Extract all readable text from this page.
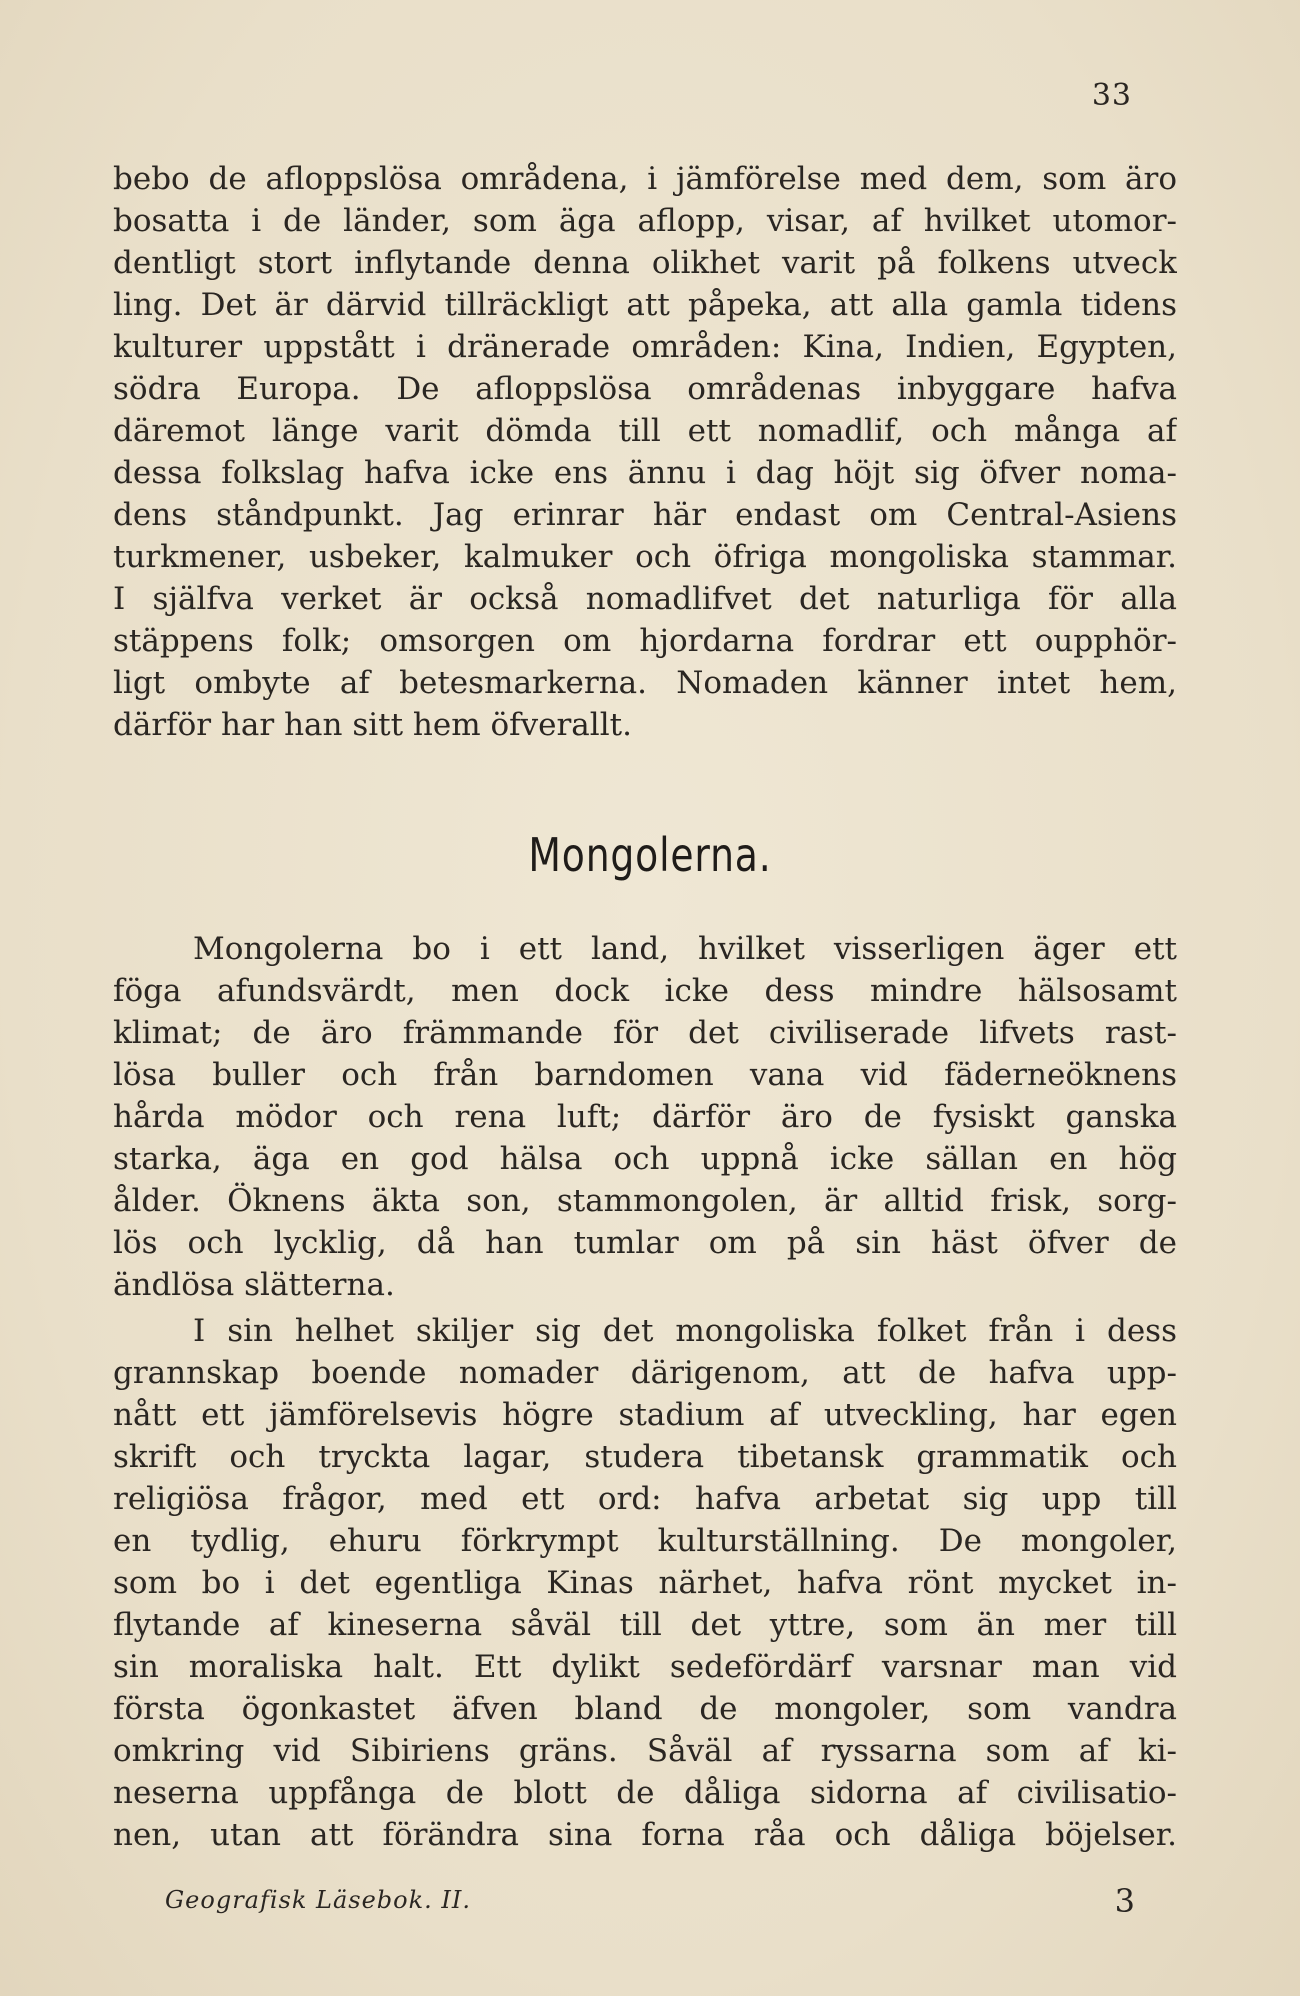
33
bebo de afloppslösa områdena, i jämförelse med dem, som äro
bosatta i de länder, som äga aflopp, visar, af hvilket utomor-
dentligt stort inflytande denna olikhet varit på folkens utveck
ling. Det är därvid tillräckligt att påpeka, att alla gamla tidens
kulturer uppstått i dränerade områden: Kina, Indien, Egypten,
södra Europa. De afloppslösa områdenas inbyggare hafva
däremot länge varit dömda till ett nomadlif, och många af
dessa folkslag hafva icke ens ännu i dag höjt sig öfver noma-
dens ståndpunkt. Jag erinrar här endast om Central-Asiens
turkmener, usbeker, kalmuker och öfriga mongoliska stammar.
I själfva verket är också nomadlifvet det naturliga för alla
stäppens folk; omsorgen om hjordarna fordrar ett oupphör-
ligt ombyte af betesmarkerna. Nomaden känner intet hem,
därför har han sitt hem öfverallt.
Mongolerna.
Mongolerna bo i ett land, hvilket visserligen äger ett
föga afundsvärdt, men dock icke dess mindre hälsosamt
klimat; de äro främmande för det civiliserade lifvets rast-
lösa buller och från barndomen vana vid fäderneöknens
hårda mödor och rena luft; därför äro de fysiskt ganska
starka, äga en god hälsa och uppnå icke sällan en hög
ålder. Öknens äkta son, stammongolen, är alltid frisk, sorg-
lös och lycklig, då han tumlar om på sin häst öfver de
ändlösa slätterna.
I sin helhet skiljer sig det mongoliska folket från i dess
grannskap boende nomader därigenom, att de hafva upp-
nått ett jämförelsevis högre stadium af utveckling, har egen
skrift och tryckta lagar, studera tibetansk grammatik och
religiösa frågor, med ett ord: hafva arbetat sig upp till
en tydlig, ehuru förkrympt kulturställning. De mongoler,
som bo i det egentliga Kinas närhet, hafva rönt mycket in-
flytande af kineserna såväl till det yttre, som än mer till
sin moraliska halt. Ett dylikt sedefördärf varsnar man vid
första ögonkastet äfven bland de mongoler, som vandra
omkring vid Sibiriens gräns. Såväl af ryssarna som af ki-
neserna uppfånga de blott de dåliga sidorna af civilisatio-
nen, utan att förändra sina forna råa och dåliga böjelser.
Geografisk Läsebok. II.	3
